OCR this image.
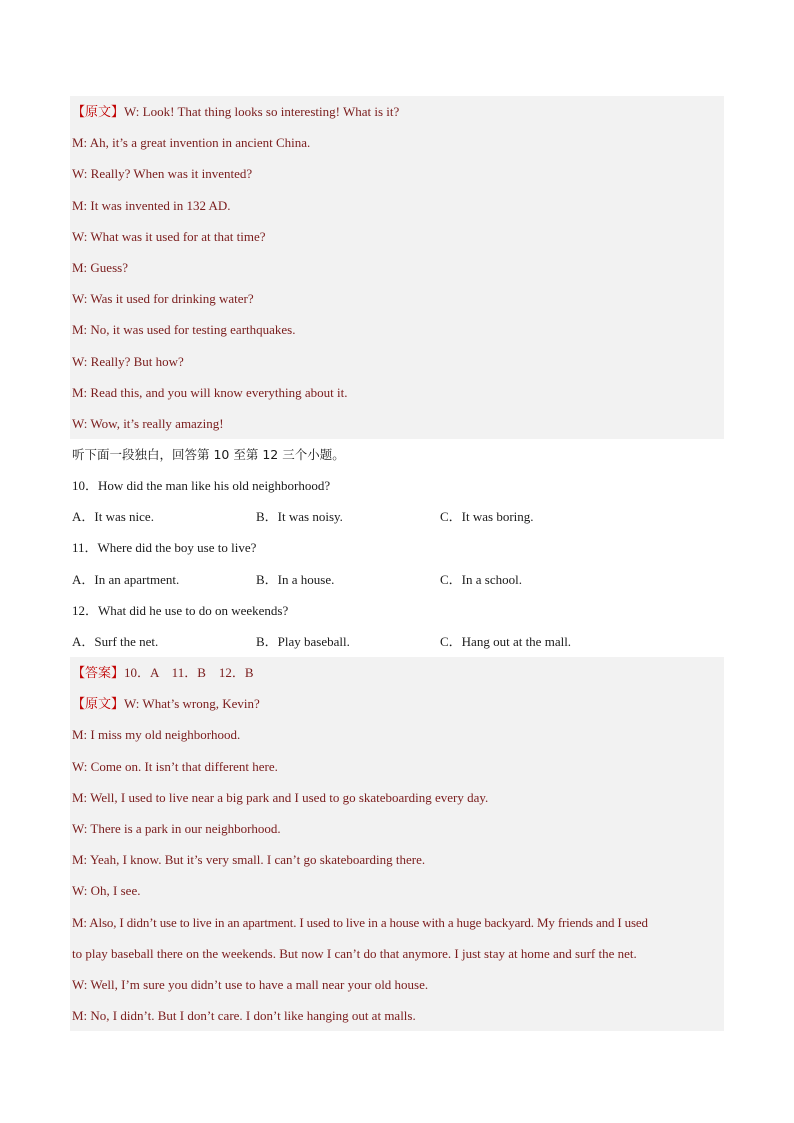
【原文】W: Look! That thing looks so interesting! What is it?
M: Ah, it’s a great invention in ancient China.
W: Really? When was it invented?
M: It was invented in 132 AD.
W: What was it used for at that time?
M: Guess?
W: Was it used for drinking water?
M: No, it was used for testing earthquakes.
W: Really? But how?
M: Read this, and you will know everything about it.
W: Wow, it’s really amazing!
听下面一段独白，回答第 10 至第 12 三个小题。
10．How did the man like his old neighborhood?
A．It was nice.	B．It was noisy.	C．It was boring.
11．Where did the boy use to live?
A．In an apartment.	B．In a house.	C．In a school.
12．What did he use to do on weekends?
A．Surf the net.	B．Play baseball.	C．Hang out at the mall.
【答案】10．A    11．B    12．B
【原文】W: What’s wrong, Kevin?
M: I miss my old neighborhood.
W: Come on. It isn’t that different here.
M: Well, I used to live near a big park and I used to go skateboarding every day.
W: There is a park in our neighborhood.
M: Yeah, I know. But it’s very small. I can’t go skateboarding there.
W: Oh, I see.
M: Also, I didn’t use to live in an apartment. I used to live in a house with a huge backyard. My friends and I used
to play baseball there on the weekends. But now I can’t do that anymore. I just stay at home and surf the net.
W: Well, I’m sure you didn’t use to have a mall near your old house.
M: No, I didn’t. But I don’t care. I don’t like hanging out at malls.
